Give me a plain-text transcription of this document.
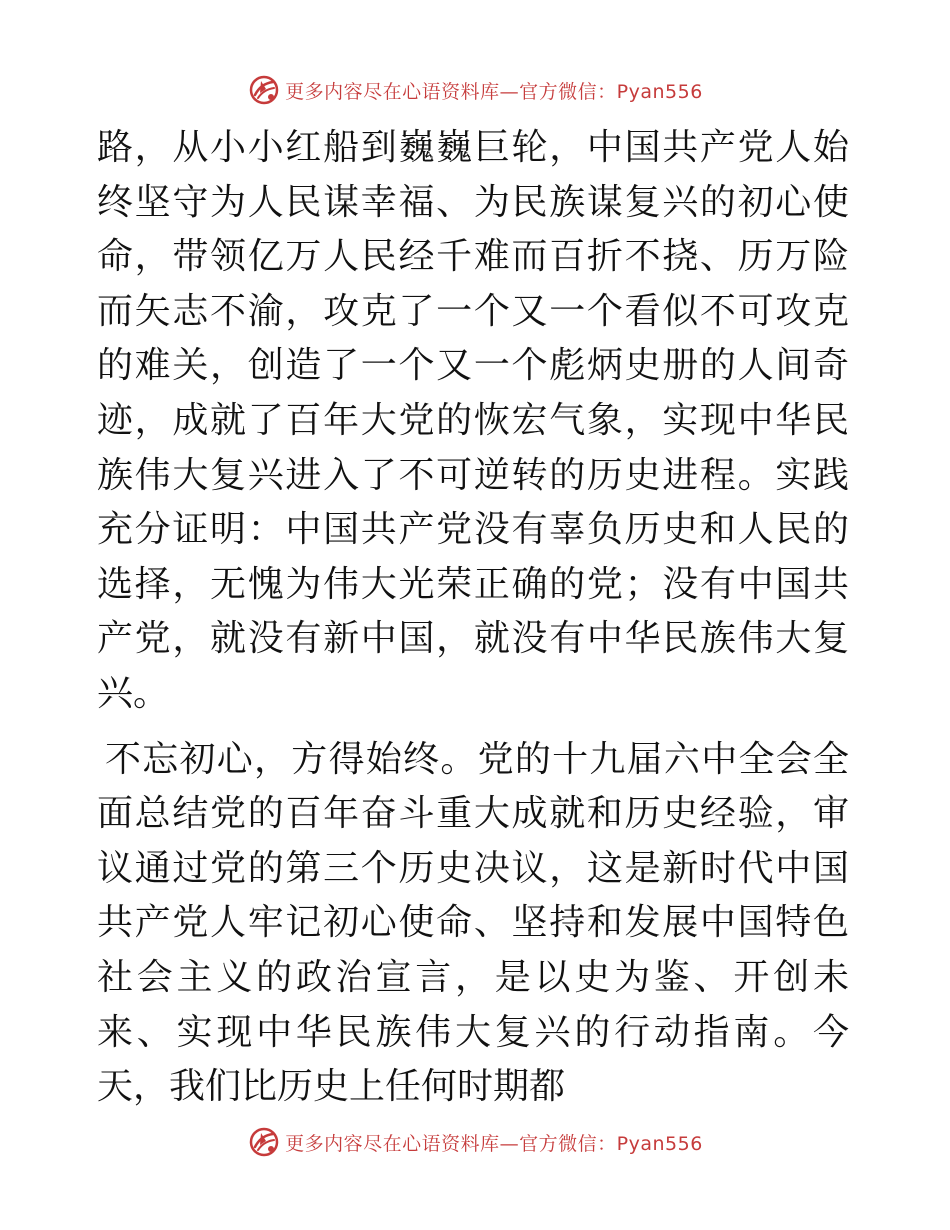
更多内容尽在心语资料库—官方微信：Pyan556

路，从小小红船到巍巍巨轮，中国共产党人始终坚守为人民谋幸福、为民族谋复兴的初心使命，带领亿万人民经千难而百折不挠、历万险而矢志不渝，攻克了一个又一个看似不可攻克的难关，创造了一个又一个彪炳史册的人间奇迹，成就了百年大党的恢宏气象，实现中华民族伟大复兴进入了不可逆转的历史进程。实践充分证明：中国共产党没有辜负历史和人民的选择，无愧为伟大光荣正确的党；没有中国共产党，就没有新中国，就没有中华民族伟大复兴。

不忘初心，方得始终。党的十九届六中全会全面总结党的百年奋斗重大成就和历史经验，审议通过党的第三个历史决议，这是新时代中国共产党人牢记初心使命、坚持和发展中国特色社会主义的政治宣言，是以史为鉴、开创未来、实现中华民族伟大复兴的行动指南。今天，我们比历史上任何时期都

更多内容尽在心语资料库—官方微信：Pyan556
